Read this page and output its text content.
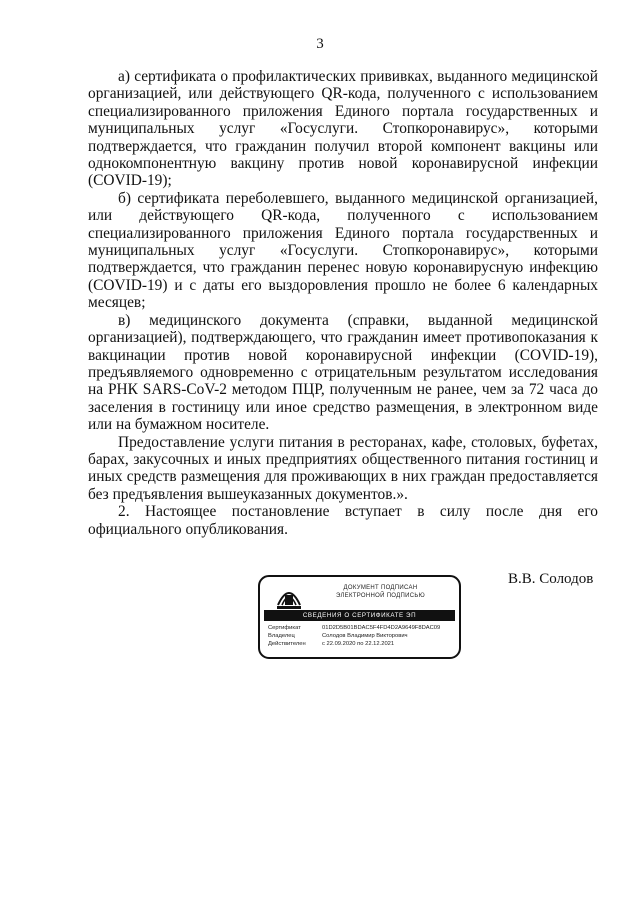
3

а) сертификата о профилактических прививках, выданного медицинской организацией, или действующего QR-кода, полученного с использованием специализированного приложения Единого портала государственных и муниципальных услуг «Госуслуги. Стопкоронавирус», которыми подтверждается, что гражданин получил второй компонент вакцины или однокомпонентную вакцину против новой коронавирусной инфекции (COVID-19);

б) сертификата переболевшего, выданного медицинской организацией, или действующего QR-кода, полученного с использованием специализированного приложения Единого портала государственных и муниципальных услуг «Госуслуги. Стопкоронавирус», которыми подтверждается, что гражданин перенес новую коронавирусную инфекцию (COVID-19) и с даты его выздоровления прошло не более 6 календарных месяцев;

в) медицинского документа (справки, выданной медицинской организацией), подтверждающего, что гражданин имеет противопоказания к вакцинации против новой коронавирусной инфекции (COVID-19), предъявляемого одновременно с отрицательным результатом исследования на РНК SARS-CoV-2 методом ПЦР, полученным не ранее, чем за 72 часа до заселения в гостиницу или иное средство размещения, в электронном виде или на бумажном носителе.

Предоставление услуги питания в ресторанах, кафе, столовых, буфетах, барах, закусочных и иных предприятиях общественного питания гостиниц и иных средств размещения для проживающих в них граждан предоставляется без предъявления вышеуказанных документов.».

2. Настоящее постановление вступает в силу после дня его официального опубликования.

ДОКУМЕНТ ПОДПИСАН
ЭЛЕКТРОННОЙ ПОДПИСЬЮ
СВЕДЕНИЯ О СЕРТИФИКАТЕ ЭП
Сертификат	01D2D5B01BDAC5F4FD4D2A9649F8DAC09
Владелец	Солодов Владимир Викторович
Действителен	с 22.09.2020 по 22.12.2021
В.В. Солодов
